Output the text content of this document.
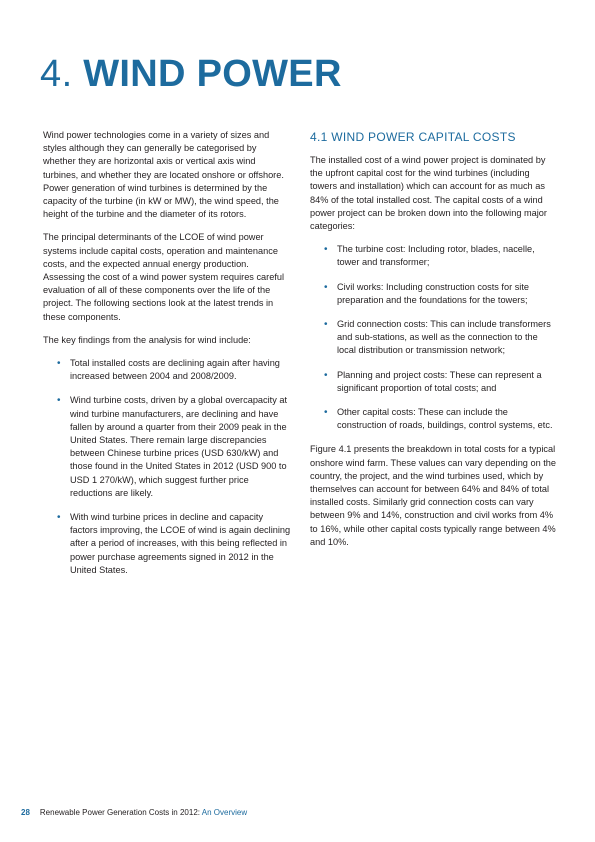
4. WIND POWER

Wind power technologies come in a variety of sizes and styles although they can generally be categorised by whether they are horizontal axis or vertical axis wind turbines, and whether they are located onshore or offshore. Power generation of wind turbines is determined by the capacity of the turbine (in kW or MW), the wind speed, the height of the turbine and the diameter of its rotors.

The principal determinants of the LCOE of wind power systems include capital costs, operation and maintenance costs, and the expected annual energy production. Assessing the cost of a wind power system requires careful evaluation of all of these components over the life of the project. The following sections look at the latest trends in these components.

The key findings from the analysis for wind include:

• Total installed costs are declining again after having increased between 2004 and 2008/2009.
• Wind turbine costs, driven by a global overcapacity at wind turbine manufacturers, are declining and have fallen by around a quarter from their 2009 peak in the United States. There remain large discrepancies between Chinese turbine prices (USD 630/kW) and those found in the United States in 2012 (USD 900 to USD 1 270/kW), which suggest further price reductions are likely.
• With wind turbine prices in decline and capacity factors improving, the LCOE of wind is again declining after a period of increases, with this being reflected in power purchase agreements signed in 2012 in the United States.
4.1 WIND POWER CAPITAL COSTS

The installed cost of a wind power project is dominated by the upfront capital cost for the wind turbines (including towers and installation) which can account for as much as 84% of the total installed cost. The capital costs of a wind power project can be broken down into the following major categories:

• The turbine cost: Including rotor, blades, nacelle, tower and transformer;
• Civil works: Including construction costs for site preparation and the foundations for the towers;
• Grid connection costs: This can include transformers and sub-stations, as well as the connection to the local distribution or transmission network;
• Planning and project costs: These can represent a significant proportion of total costs; and
• Other capital costs: These can include the construction of roads, buildings, control systems, etc.

Figure 4.1 presents the breakdown in total costs for a typical onshore wind farm. These values can vary depending on the country, the project, and the wind turbines used, which by themselves can account for between 64% and 84% of total installed costs. Similarly grid connection costs can vary between 9% and 14%, construction and civil works from 4% to 16%, while other capital costs typically range between 4% and 10%.

28 Renewable Power Generation Costs in 2012: An Overview
